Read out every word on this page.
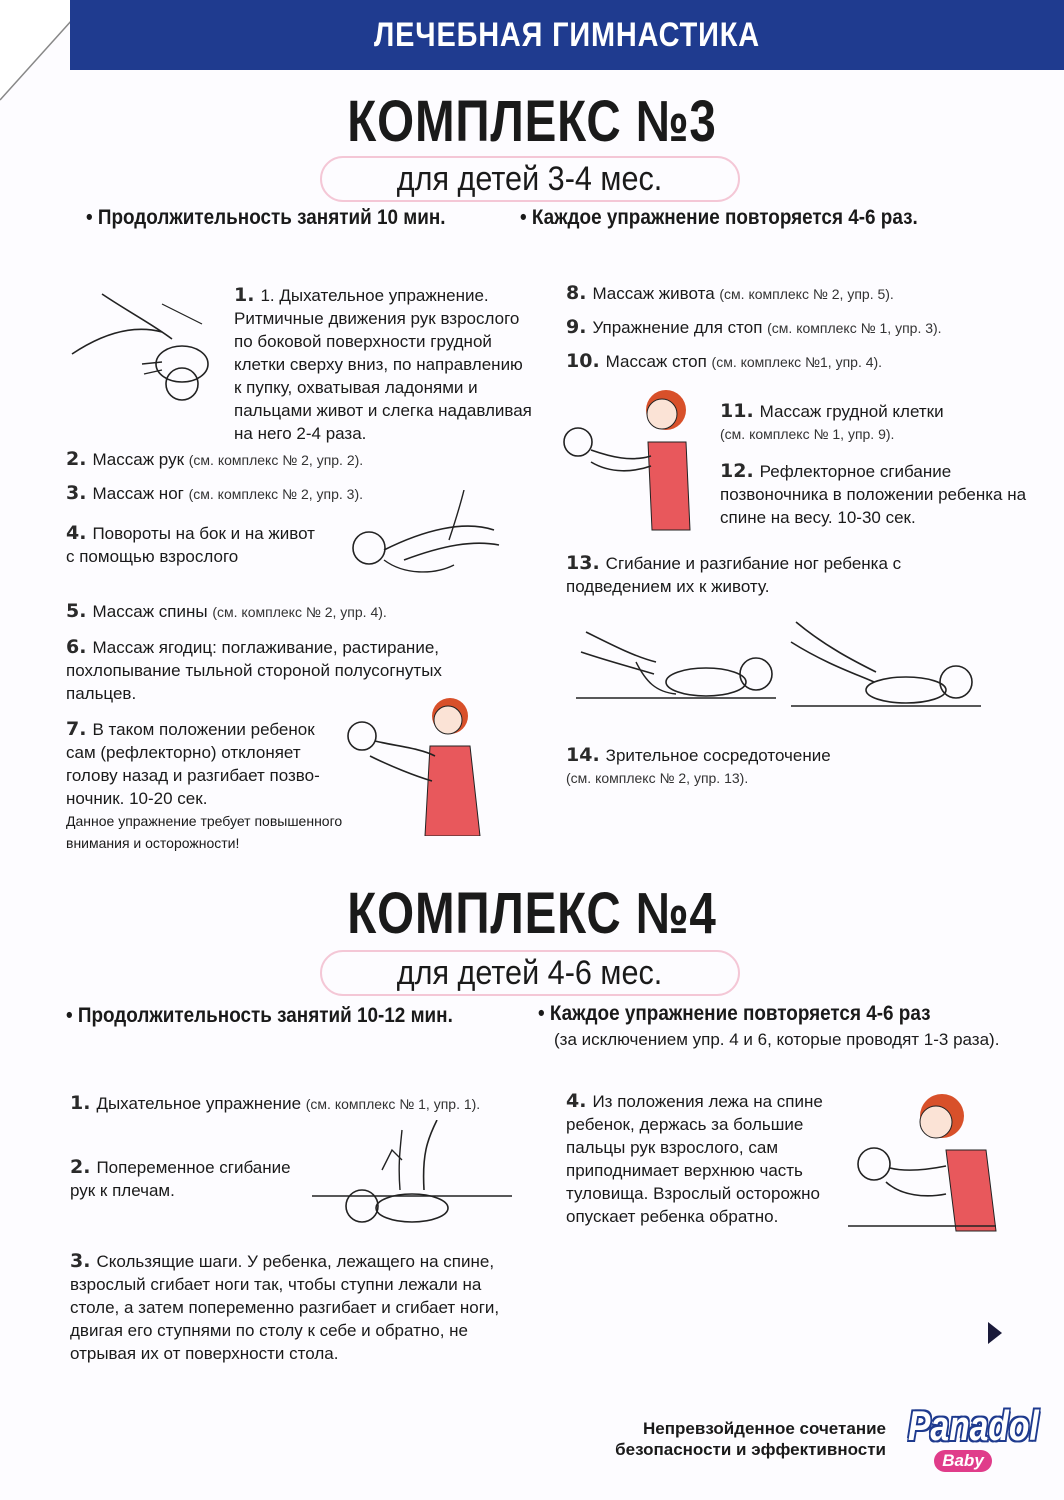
ЛЕЧЕБНАЯ ГИМНАСТИКА
КОМПЛЕКС №3
для детей 3-4 мес.
• Продолжительность занятий 10 мин.	• Каждое упражнение повторяется 4-6 раз.
1. 1. Дыхательное упражнение. Ритмичные движения рук взрослого по боковой поверхности грудной клетки сверху вниз, по направлению к пупку, охватывая ладонями и пальцами живот и слегка надавливая на него 2-4 раза.
2. Массаж рук (см. комплекс № 2, упр. 2).
3. Массаж ног (см. комплекс № 2, упр. 3).
4. Повороты на бок и на живот с помощью взрослого
5. Массаж спины (см. комплекс № 2, упр. 4).
6. Массаж ягодиц: поглаживание, растирание, похлопывание тыльной стороной полусогнутых пальцев.
7. В таком положении ребенок сам (рефлекторно) отклоняет голову назад и разгибает позвоночник. 10-20 сек.
Данное упражнение требует повышенного внимания и осторожности!
8. Массаж живота (см. комплекс № 2, упр. 5).
9. Упражнение для стоп (см. комплекс № 1, упр. 3).
10. Массаж стоп (см. комплекс №1, упр. 4).
11. Массаж грудной клетки
(см. комплекс № 1, упр. 9).
12. Рефлекторное сгибание позвоночника в положении ребенка на спине на весу. 10-30 сек.
13. Сгибание и разгибание ног ребенка с подведением их к животу.
14. Зрительное сосредоточение
(см. комплекс № 2, упр. 13).
КОМПЛЕКС №4
для детей 4-6 мес.
• Продолжительность занятий 10-12 мин.	• Каждое упражнение повторяется 4-6 раз
(за исключением упр. 4 и 6, которые проводят 1-3 раза).
1. Дыхательное упражнение (см. комплекс № 1, упр. 1).
2. Попеременное сгибание рук к плечам.
3. Скользящие шаги. У ребенка, лежащего на спине, взрослый сгибает ноги так, чтобы ступни лежали на столе, а затем попеременно разгибает и сгибает ноги, двигая его ступнями по столу к себе и обратно, не отрывая их от поверхности стола.
4. Из положения лежа на спине ребенок, держась за большие пальцы рук взрослого, сам приподнимает верхнюю часть туловища. Взрослый осторожно опускает ребенка обратно.
Непревзойденное сочетание
безопасности и эффективности
Panadol
Baby
